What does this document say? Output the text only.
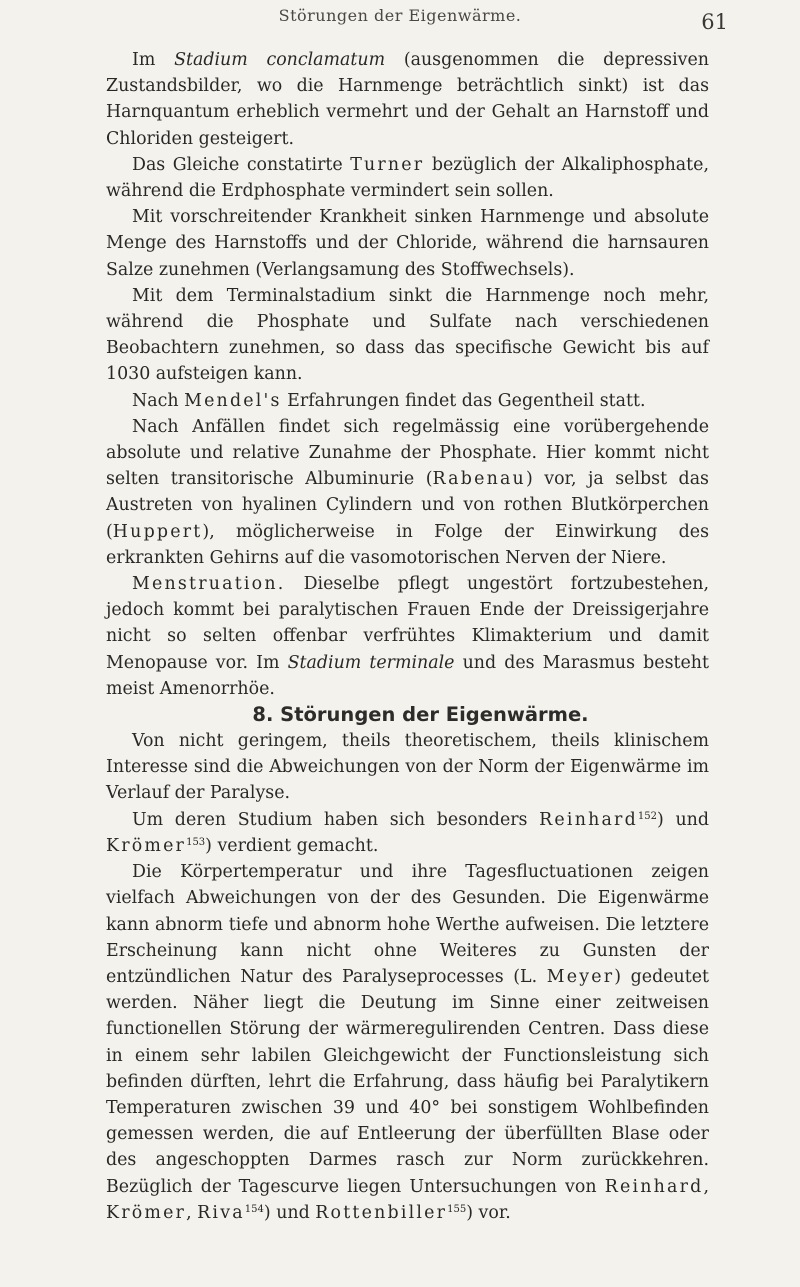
Störungen der Eigenwärme.	61

Im Stadium conclamatum (ausgenommen die depressiven Zustandsbilder, wo die Harnmenge beträchtlich sinkt) ist das Harnquantum erheblich vermehrt und der Gehalt an Harnstoff und Chloriden gesteigert.

Das Gleiche constatirte Turner bezüglich der Alkaliphosphate, während die Erdphosphate vermindert sein sollen.

Mit vorschreitender Krankheit sinken Harnmenge und absolute Menge des Harnstoffs und der Chloride, während die harnsauren Salze zunehmen (Verlangsamung des Stoffwechsels).

Mit dem Terminalstadium sinkt die Harnmenge noch mehr, während die Phosphate und Sulfate nach verschiedenen Beobachtern zunehmen, so dass das specifische Gewicht bis auf 1030 aufsteigen kann.

Nach Mendel's Erfahrungen findet das Gegentheil statt.

Nach Anfällen findet sich regelmässig eine vorübergehende absolute und relative Zunahme der Phosphate. Hier kommt nicht selten transitorische Albuminurie (Rabenau) vor, ja selbst das Austreten von hyalinen Cylindern und von rothen Blutkörperchen (Huppert), möglicherweise in Folge der Einwirkung des erkrankten Gehirns auf die vasomotorischen Nerven der Niere.

Menstruation. Dieselbe pflegt ungestört fortzubestehen, jedoch kommt bei paralytischen Frauen Ende der Dreissigerjahre nicht so selten offenbar verfrühtes Klimakterium und damit Menopause vor. Im Stadium terminale und des Marasmus besteht meist Amenorrhöe.

8. Störungen der Eigenwärme.

Von nicht geringem, theils theoretischem, theils klinischem Interesse sind die Abweichungen von der Norm der Eigenwärme im Verlauf der Paralyse.

Um deren Studium haben sich besonders Reinhard$^{152}$) und Krömer$^{153}$) verdient gemacht.

Die Körpertemperatur und ihre Tagesfluctuationen zeigen vielfach Abweichungen von der des Gesunden. Die Eigenwärme kann abnorm tiefe und abnorm hohe Werthe aufweisen. Die letztere Erscheinung kann nicht ohne Weiteres zu Gunsten der entzündlichen Natur des Paralyseprocesses (L. Meyer) gedeutet werden. Näher liegt die Deutung im Sinne einer zeitweisen functionellen Störung der wärmeregulirenden Centren. Dass diese in einem sehr labilen Gleichgewicht der Functionsleistung sich befinden dürften, lehrt die Erfahrung, dass häufig bei Paralytikern Temperaturen zwischen 39 und 40° bei sonstigem Wohlbefinden gemessen werden, die auf Entleerung der überfüllten Blase oder des angeschoppten Darmes rasch zur Norm zurückkehren. Bezüglich der Tagescurve liegen Untersuchungen von Reinhard, Krömer, Riva$^{154}$) und Rottenbiller$^{155}$) vor.
